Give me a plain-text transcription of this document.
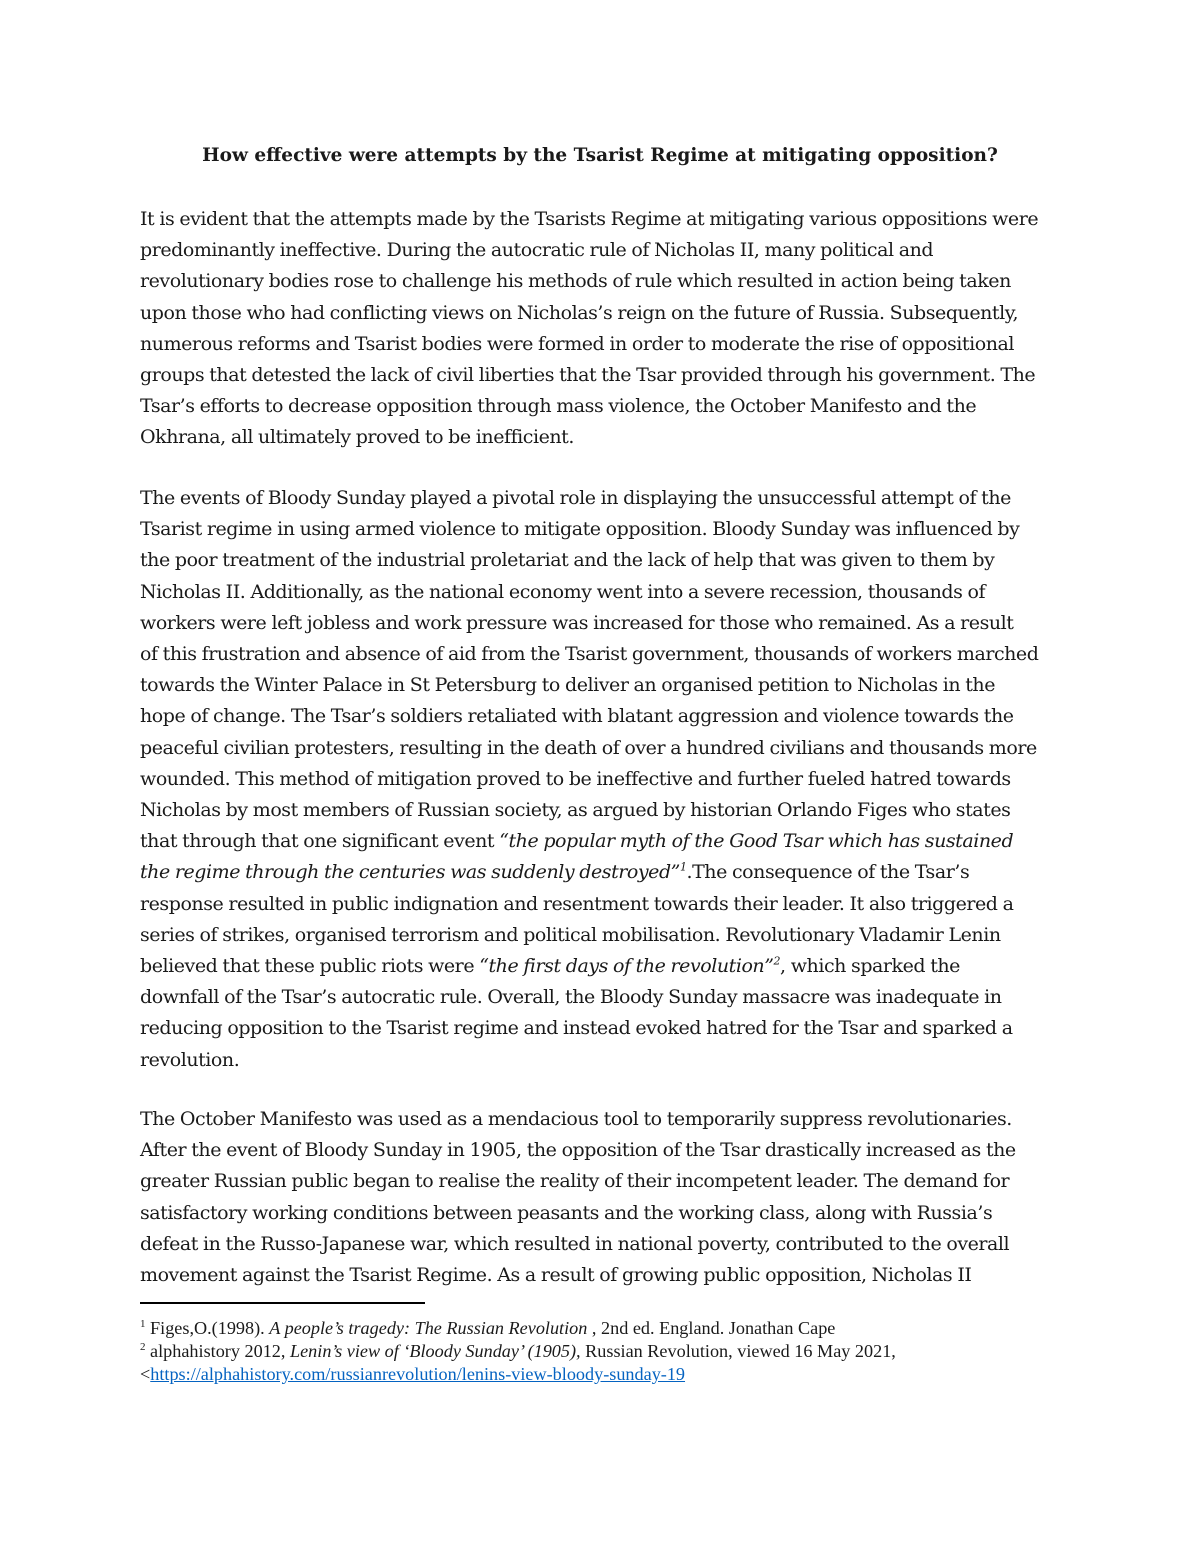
How effective were attempts by the Tsarist Regime at mitigating opposition?
It is evident that the attempts made by the Tsarists Regime at mitigating various oppositions were
predominantly ineffective. During the autocratic rule of Nicholas II, many political and
revolutionary bodies rose to challenge his methods of rule which resulted in action being taken
upon those who had conflicting views on Nicholas’s reign on the future of Russia. Subsequently,
numerous reforms and Tsarist bodies were formed in order to moderate the rise of oppositional
groups that detested the lack of civil liberties that the Tsar provided through his government. The
Tsar’s efforts to decrease opposition through mass violence, the October Manifesto and the
Okhrana, all ultimately proved to be inefficient.
The events of Bloody Sunday played a pivotal role in displaying the unsuccessful attempt of the
Tsarist regime in using armed violence to mitigate opposition. Bloody Sunday was influenced by
the poor treatment of the industrial proletariat and the lack of help that was given to them by
Nicholas II. Additionally, as the national economy went into a severe recession, thousands of
workers were left jobless and work pressure was increased for those who remained. As a result
of this frustration and absence of aid from the Tsarist government, thousands of workers marched
towards the Winter Palace in St Petersburg to deliver an organised petition to Nicholas in the
hope of change. The Tsar’s soldiers retaliated with blatant aggression and violence towards the
peaceful civilian protesters, resulting in the death of over a hundred civilians and thousands more
wounded. This method of mitigation proved to be ineffective and further fueled hatred towards
Nicholas by most members of Russian society, as argued by historian Orlando Figes who states
that through that one significant event “the popular myth of the Good Tsar which has sustained
the regime through the centuries was suddenly destroyed”$^1$.The consequence of the Tsar’s
response resulted in public indignation and resentment towards their leader. It also triggered a
series of strikes, organised terrorism and political mobilisation. Revolutionary Vladamir Lenin
believed that these public riots were “the first days of the revolution”$^2$, which sparked the
downfall of the Tsar’s autocratic rule. Overall, the Bloody Sunday massacre was inadequate in
reducing opposition to the Tsarist regime and instead evoked hatred for the Tsar and sparked a
revolution.
The October Manifesto was used as a mendacious tool to temporarily suppress revolutionaries.
After the event of Bloody Sunday in 1905, the opposition of the Tsar drastically increased as the
greater Russian public began to realise the reality of their incompetent leader. The demand for
satisfactory working conditions between peasants and the working class, along with Russia’s
defeat in the Russo-Japanese war, which resulted in national poverty, contributed to the overall
movement against the Tsarist Regime. As a result of growing public opposition, Nicholas II
$^1$ Figes,O.(1998). A people’s tragedy: The Russian Revolution , 2nd ed. England. Jonathan Cape
$^2$ alphahistory 2012, Lenin’s view of ‘Bloody Sunday’ (1905), Russian Revolution, viewed 16 May 2021,
<https://alphahistory.com/russianrevolution/lenins-view-bloody-sunday-19
